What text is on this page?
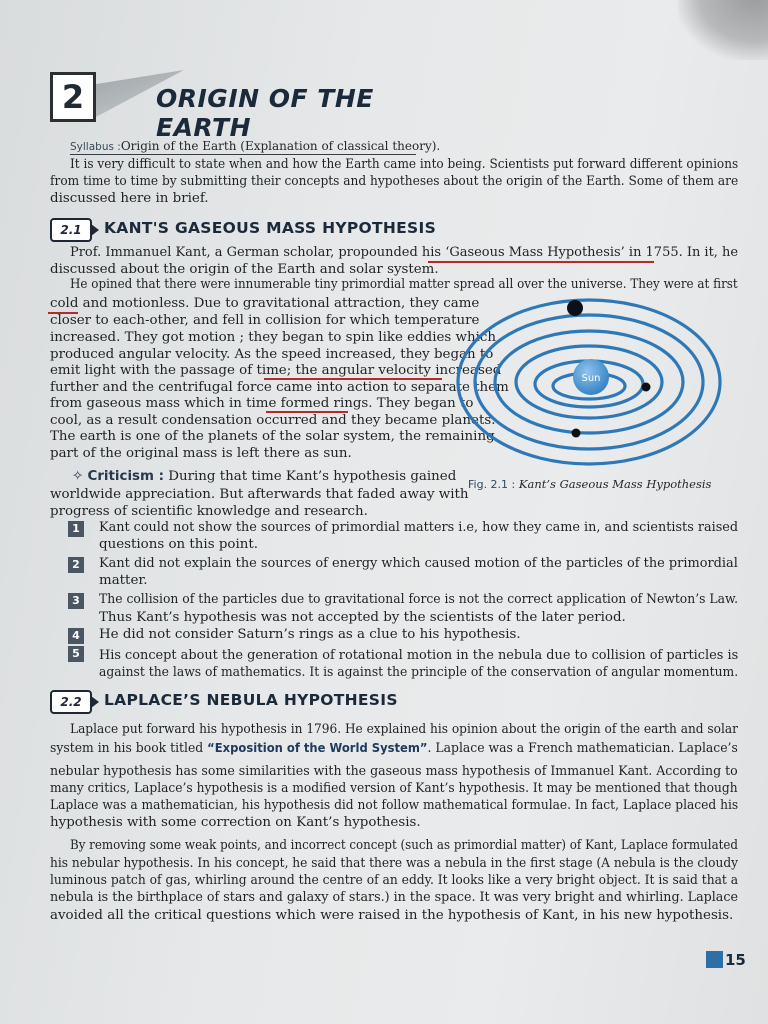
2	ORIGIN OF THE EARTH
Syllabus :Origin of the Earth (Explanation of classical theory).
It is very difficult to state when and how the Earth came into being. Scientists put forward different opinions
from time to time by submitting their concepts and hypotheses about the origin of the Earth. Some of them are
discussed here in brief.
2.1	KANT'S GASEOUS MASS HYPOTHESIS
Prof. Immanuel Kant, a German scholar, propounded his ‘Gaseous Mass Hypothesis’ in 1755. In it, he
discussed about the origin of the Earth and solar system.
He opined that there were innumerable tiny primordial matter spread all over the universe. They were at first
cold and motionless. Due to gravitational attraction, they came
closer to each-other, and fell in collision for which temperature
increased. They got motion ; they began to spin like eddies which
produced angular velocity. As the speed increased, they began to
emit light with the passage of time; the angular velocity increased
further and the centrifugal force came into action to separate them
from gaseous mass which in time formed rings. They began to
cool, as a result condensation occurred and they became planets.
The earth is one of the planets of the solar system, the remaining
part of the original mass is left there as sun.
Sun
Fig. 2.1 : Kant’s Gaseous Mass Hypothesis
✧ Criticism : During that time Kant’s hypothesis gained
worldwide appreciation. But afterwards that faded away with
progress of scientific knowledge and research.
1	Kant could not show the sources of primordial matters i.e, how they came in, and scientists raised
questions on this point.
2	Kant did not explain the sources of energy which caused motion of the particles of the primordial
matter.
3	The collision of the particles due to gravitational force is not the correct application of Newton’s Law.
Thus Kant’s hypothesis was not accepted by the scientists of the later period.
4	He did not consider Saturn’s rings as a clue to his hypothesis.
5	His concept about the generation of rotational motion in the nebula due to collision of particles is
against the laws of mathematics. It is against the principle of the conservation of angular momentum.
2.2	LAPLACE’S NEBULA HYPOTHESIS
Laplace put forward his hypothesis in 1796. He explained his opinion about the origin of the earth and solar
system in his book titled “Exposition of the World System”. Laplace was a French mathematician. Laplace’s
nebular hypothesis has some similarities with the gaseous mass hypothesis of Immanuel Kant. According to
many critics, Laplace’s hypothesis is a modified version of Kant’s hypothesis. It may be mentioned that though
Laplace was a mathematician, his hypothesis did not follow mathematical formulae. In fact, Laplace placed his
hypothesis with some correction on Kant’s hypothesis.
By removing some weak points, and incorrect concept (such as primordial matter) of Kant, Laplace formulated
his nebular hypothesis. In his concept, he said that there was a nebula in the first stage (A nebula is the cloudy
luminous patch of gas, whirling around the centre of an eddy. It looks like a very bright object. It is said that a
nebula is the birthplace of stars and galaxy of stars.) in the space. It was very bright and whirling. Laplace
avoided all the critical questions which were raised in the hypothesis of Kant, in his new hypothesis.
15
